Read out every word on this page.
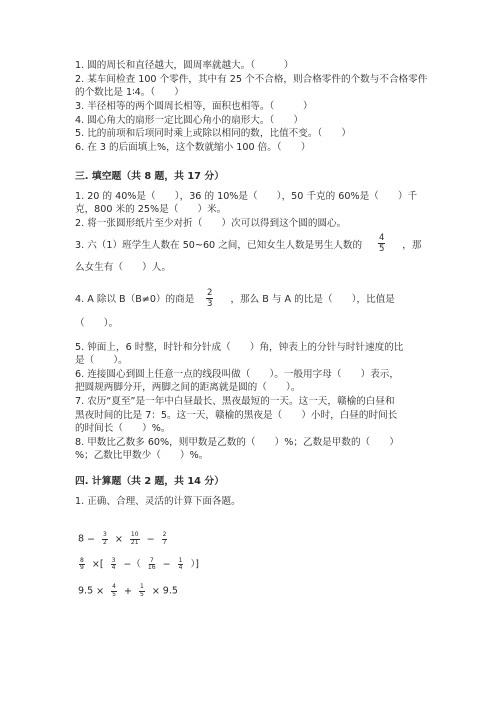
1. 圆的周长和直径越大，圆周率就越大。（　　　）
2. 某车间检查 100 个零件，其中有 25 个不合格，则合格零件的个数与不合格零件
的个数比是 1∶4。（　　）
3. 半径相等的两个圆周长相等，面积也相等。（　　　）
4. 圆心角大的扇形一定比圆心角小的扇形大。（　　）
5. 比的前项和后项同时乘上或除以相同的数，比值不变。（　　）
6. 在 3 的后面填上%，这个数就缩小 100 倍。（　　）
三. 填空题（共 8 题，共 17 分）
1. 20 的 40%是（　　），36 的 10%是（　　），50 千克的 60%是（　　）千
克，800 米的 25%是（　　）米。
2. 将一张圆形纸片至少对折（　　）次可以得到这个圆的圆心。
3. 六（1）班学生人数在 50~60 之间，已知女生人数是男生人数的	，那
$\frac{4}{5}$
么女生有（　　）人。
4. A 除以 B（B≠0）的商是	，那么 B 与 A 的比是（　　），比值是
$\frac{2}{3}$
（　　）。
5. 钟面上，6 时整，时针和分针成（　　）角，钟表上的分针与时针速度的比
是（　　）。
6. 连接圆心到圆上任意一点的线段叫做（　　）。一般用字母（　　）表示，
把圆规两脚分开，两脚之间的距离就是圆的（　　）。
7. 农历“夏至”是一年中白昼最长、黑夜最短的一天。这一天，赣榆的白昼和
黑夜时间的比是 7：5。这一天，赣榆的黑夜是（　　）小时，白昼的时间长
的时间长（　　）%。
8. 甲数比乙数多 60%，则甲数是乙数的（　　）%；乙数是甲数的（　　）
%；乙数比甲数少（　　）%。
四. 计算题（共 2 题，共 14 分）
1. 正确、合理、灵活的计算下面各题。
$8 - \frac{3}{2} \times \frac{10}{21} - \frac{2}{7}$
$\frac{8}{9}$ ×[ $\frac{3}{4}$ −（ $\frac{7}{16} - \frac{1}{4}$ ）]
$9.5 \times \frac{4}{5} + \frac{1}{5} \times 9.5$
